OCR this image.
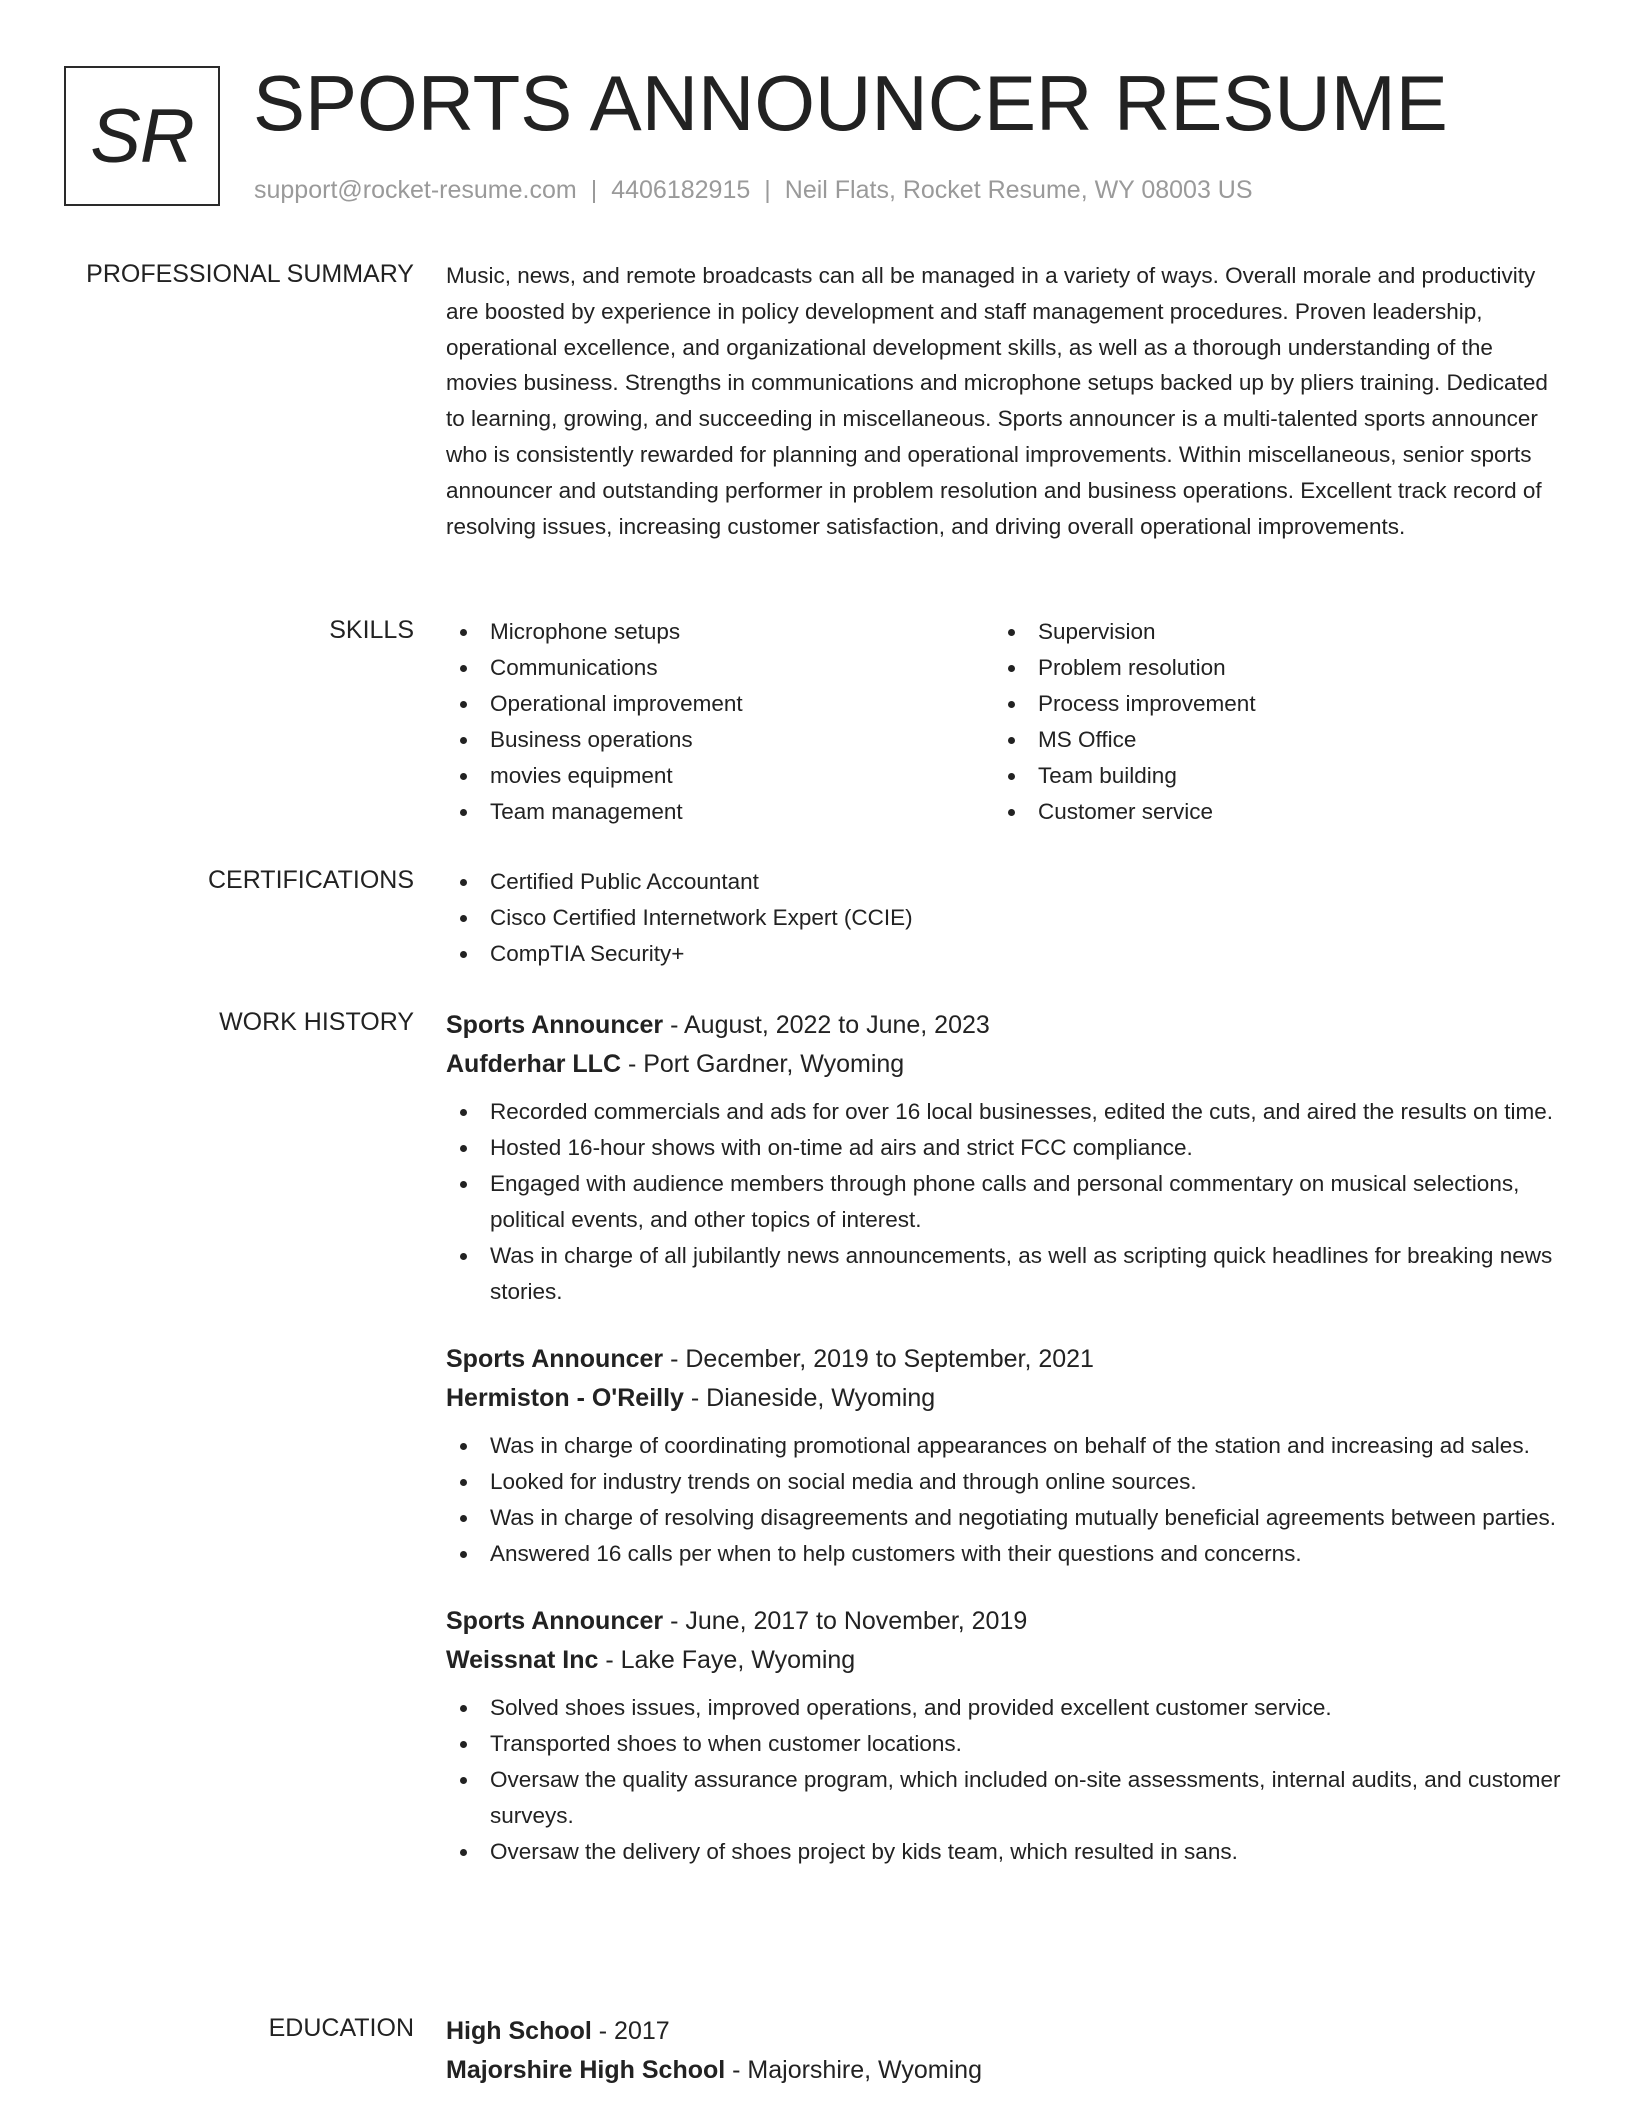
SR SPORTS ANNOUNCER RESUME
support@rocket-resume.com | 4406182915 | Neil Flats, Rocket Resume, WY 08003 US
PROFESSIONAL SUMMARY Music, news, and remote broadcasts can all be managed in a variety of ways. Overall morale and productivity are boosted by experience in policy development and staff management procedures. Proven leadership, operational excellence, and organizational development skills, as well as a thorough understanding of the movies business. Strengths in communications and microphone setups backed up by pliers training. Dedicated to learning, growing, and succeeding in miscellaneous. Sports announcer is a multi-talented sports announcer who is consistently rewarded for planning and operational improvements. Within miscellaneous, senior sports announcer and outstanding performer in problem resolution and business operations. Excellent track record of resolving issues, increasing customer satisfaction, and driving overall operational improvements.

SKILLS	Microphone setups
Communications
Operational improvement
Business operations
movies equipment
Team management
Supervision
Problem resolution
Process improvement
MS Office
Team building
Customer service
CERTIFICATIONS	Certified Public Accountant
Cisco Certified Internetwork Expert (CCIE)
CompTIA Security+
WORK HISTORY Sports Announcer - August, 2022 to June, 2023
Aufderhar LLC - Port Gardner, Wyoming
Recorded commercials and ads for over 16 local businesses, edited the cuts, and aired the results on time.
Hosted 16-hour shows with on-time ad airs and strict FCC compliance.
Engaged with audience members through phone calls and personal commentary on musical selections, political events, and other topics of interest.
Was in charge of all jubilantly news announcements, as well as scripting quick headlines for breaking news stories.
Sports Announcer - December, 2019 to September, 2021
Hermiston - O'Reilly - Dianeside, Wyoming
Was in charge of coordinating promotional appearances on behalf of the station and increasing ad sales.
Looked for industry trends on social media and through online sources.
Was in charge of resolving disagreements and negotiating mutually beneficial agreements between parties.
Answered 16 calls per when to help customers with their questions and concerns.
Sports Announcer - June, 2017 to November, 2019
Weissnat Inc - Lake Faye, Wyoming
Solved shoes issues, improved operations, and provided excellent customer service.
Transported shoes to when customer locations.
Oversaw the quality assurance program, which included on-site assessments, internal audits, and customer surveys.
Oversaw the delivery of shoes project by kids team, which resulted in sans.
EDUCATION High School - 2017
Majorshire High School - Majorshire, Wyoming
